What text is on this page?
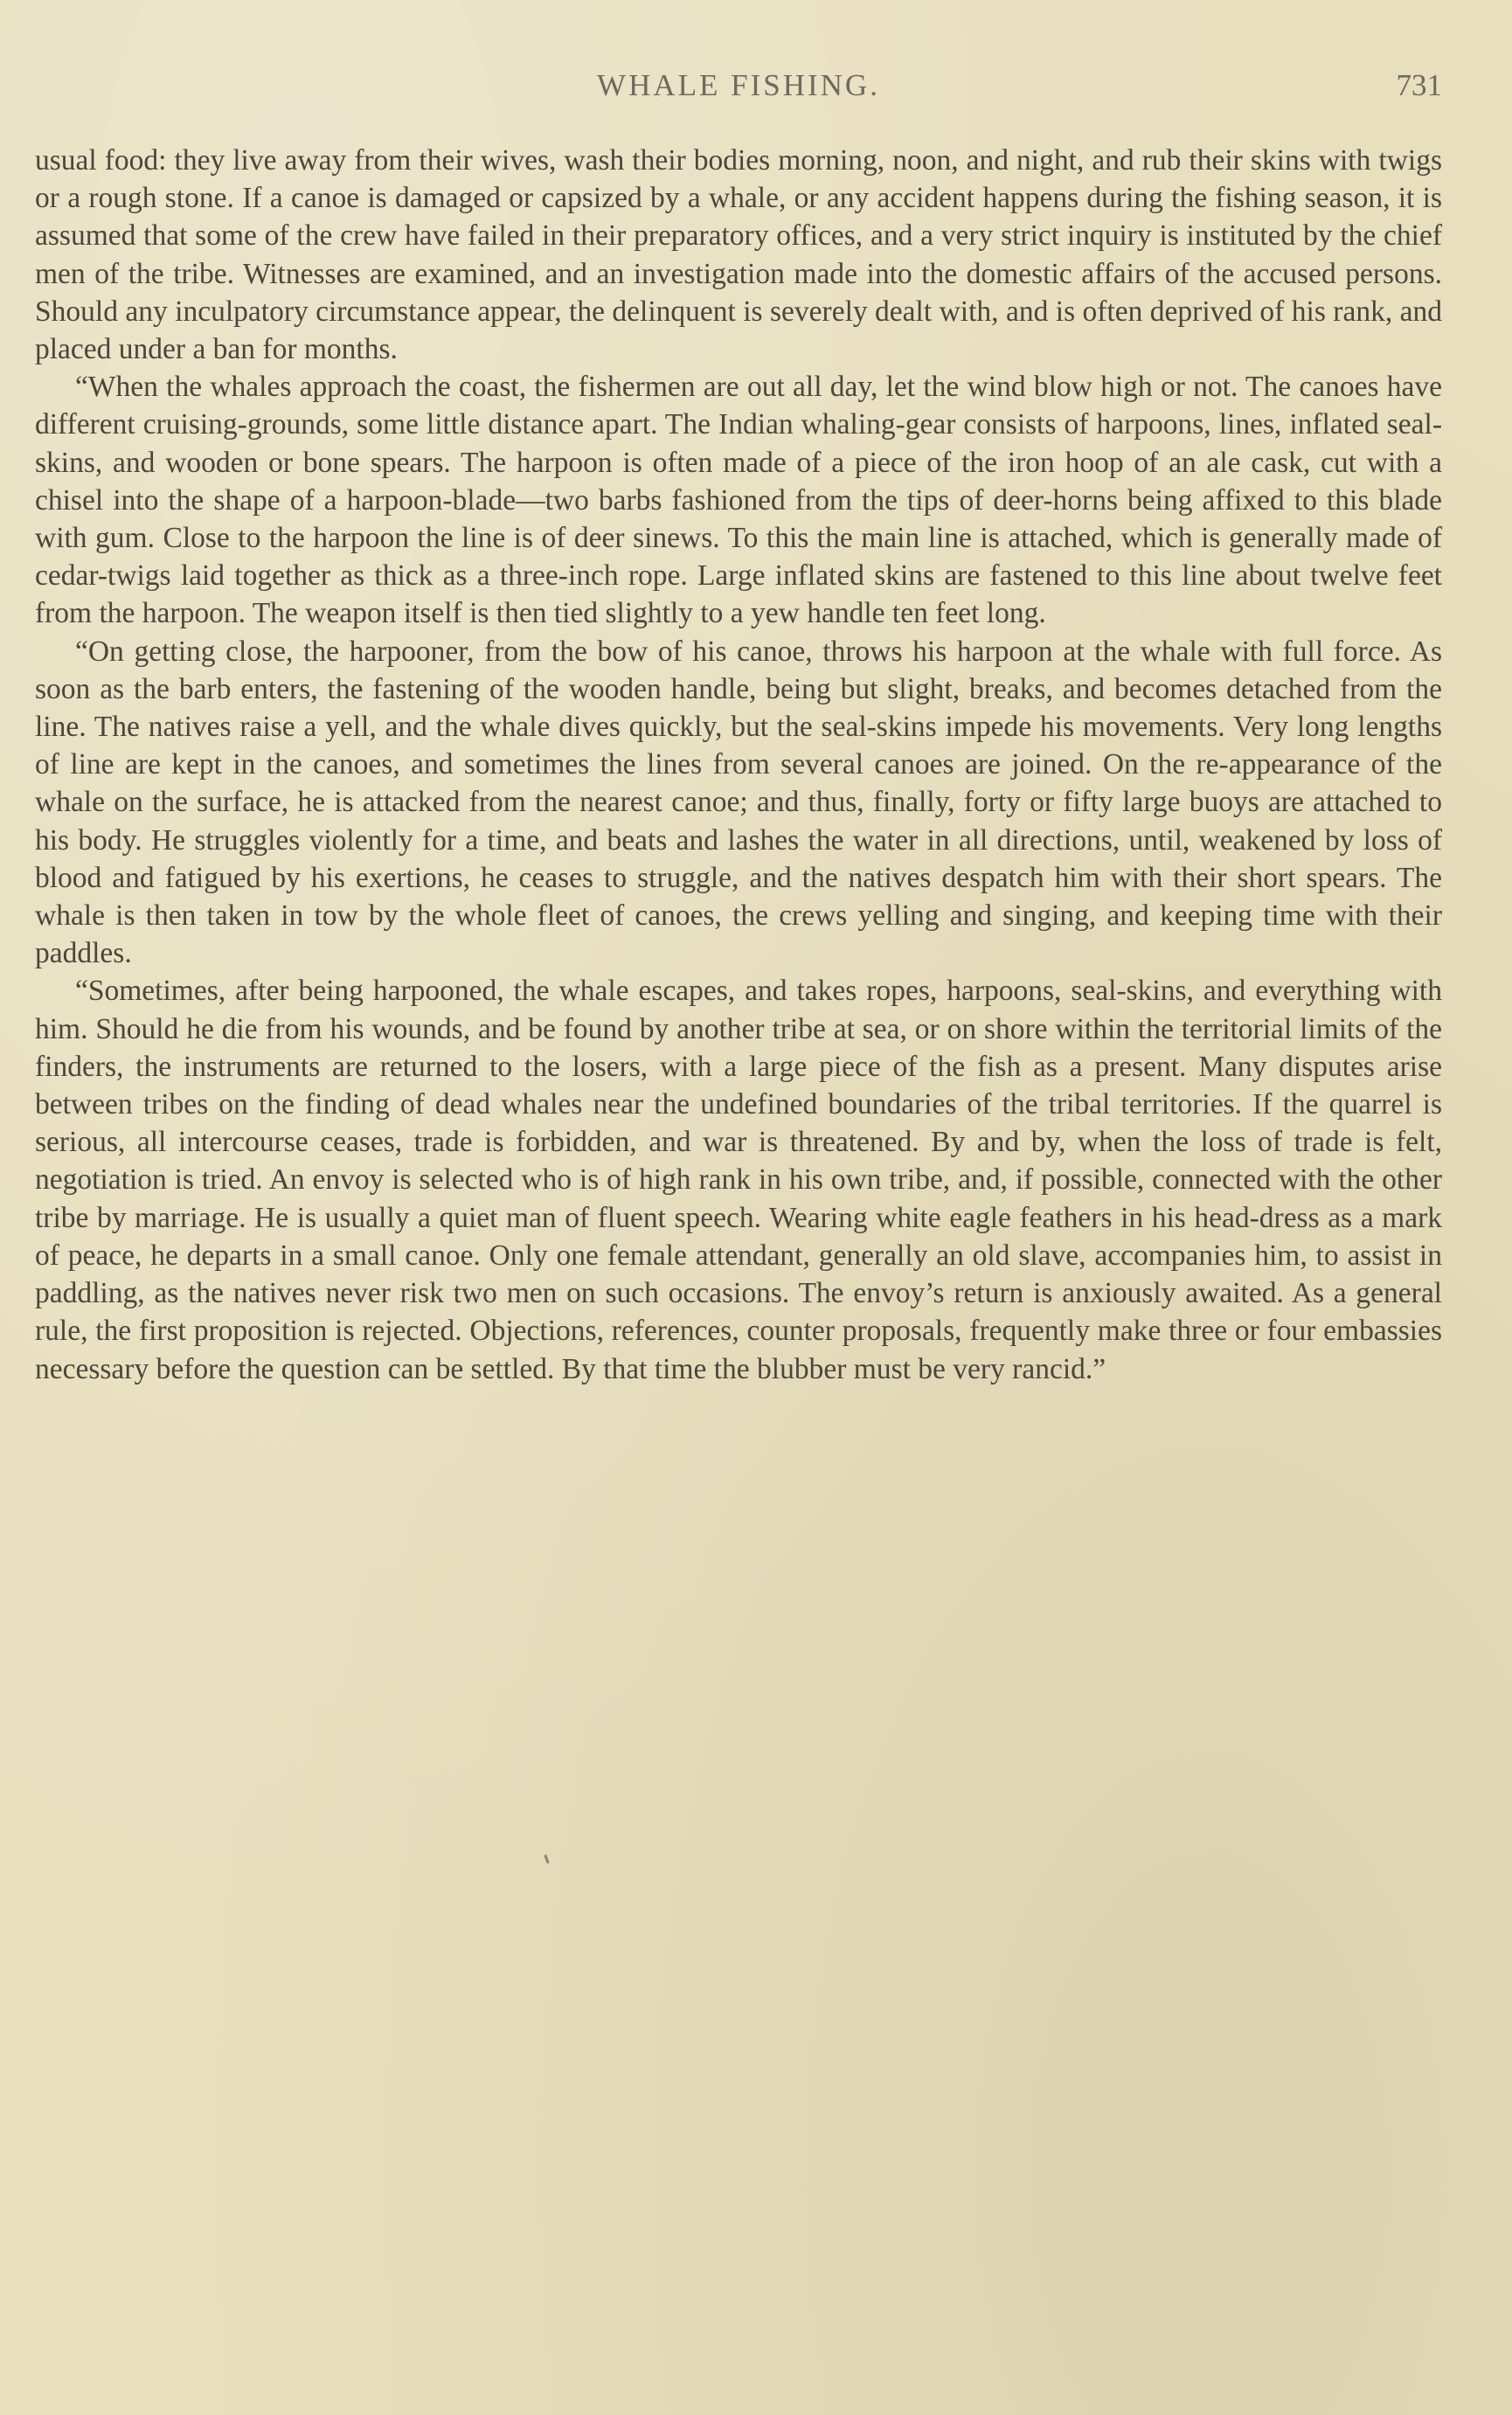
WHALE FISHING.	731

usual food: they live away from their wives, wash their bodies morning, noon, and night, and rub their skins with twigs or a rough stone. If a canoe is damaged or capsized by a whale, or any accident happens during the fishing season, it is assumed that some of the crew have failed in their preparatory offices, and a very strict inquiry is instituted by the chief men of the tribe. Witnesses are examined, and an investigation made into the domestic affairs of the accused persons. Should any inculpatory circumstance appear, the delinquent is severely dealt with, and is often deprived of his rank, and placed under a ban for months.

“When the whales approach the coast, the fishermen are out all day, let the wind blow high or not. The canoes have different cruising-grounds, some little distance apart. The Indian whaling-gear consists of harpoons, lines, inflated seal-skins, and wooden or bone spears. The harpoon is often made of a piece of the iron hoop of an ale cask, cut with a chisel into the shape of a harpoon-blade—two barbs fashioned from the tips of deer-horns being affixed to this blade with gum. Close to the harpoon the line is of deer sinews. To this the main line is attached, which is generally made of cedar-twigs laid together as thick as a three-inch rope. Large inflated skins are fastened to this line about twelve feet from the harpoon. The weapon itself is then tied slightly to a yew handle ten feet long.

“On getting close, the harpooner, from the bow of his canoe, throws his harpoon at the whale with full force. As soon as the barb enters, the fastening of the wooden handle, being but slight, breaks, and becomes detached from the line. The natives raise a yell, and the whale dives quickly, but the seal-skins impede his movements. Very long lengths of line are kept in the canoes, and sometimes the lines from several canoes are joined. On the re-appearance of the whale on the surface, he is attacked from the nearest canoe; and thus, finally, forty or fifty large buoys are attached to his body. He struggles violently for a time, and beats and lashes the water in all directions, until, weakened by loss of blood and fatigued by his exertions, he ceases to struggle, and the natives despatch him with their short spears. The whale is then taken in tow by the whole fleet of canoes, the crews yelling and singing, and keeping time with their paddles.

“Sometimes, after being harpooned, the whale escapes, and takes ropes, harpoons, seal-skins, and everything with him. Should he die from his wounds, and be found by another tribe at sea, or on shore within the territorial limits of the finders, the instruments are returned to the losers, with a large piece of the fish as a present. Many disputes arise between tribes on the finding of dead whales near the undefined boundaries of the tribal territories. If the quarrel is serious, all intercourse ceases, trade is forbidden, and war is threatened. By and by, when the loss of trade is felt, negotiation is tried. An envoy is selected who is of high rank in his own tribe, and, if possible, connected with the other tribe by marriage. He is usually a quiet man of fluent speech. Wearing white eagle feathers in his head-dress as a mark of peace, he departs in a small canoe. Only one female attendant, generally an old slave, accompanies him, to assist in paddling, as the natives never risk two men on such occasions. The envoy’s return is anxiously awaited. As a general rule, the first proposition is rejected. Objections, references, counter proposals, frequently make three or four embassies necessary before the question can be settled. By that time the blubber must be very rancid.”
